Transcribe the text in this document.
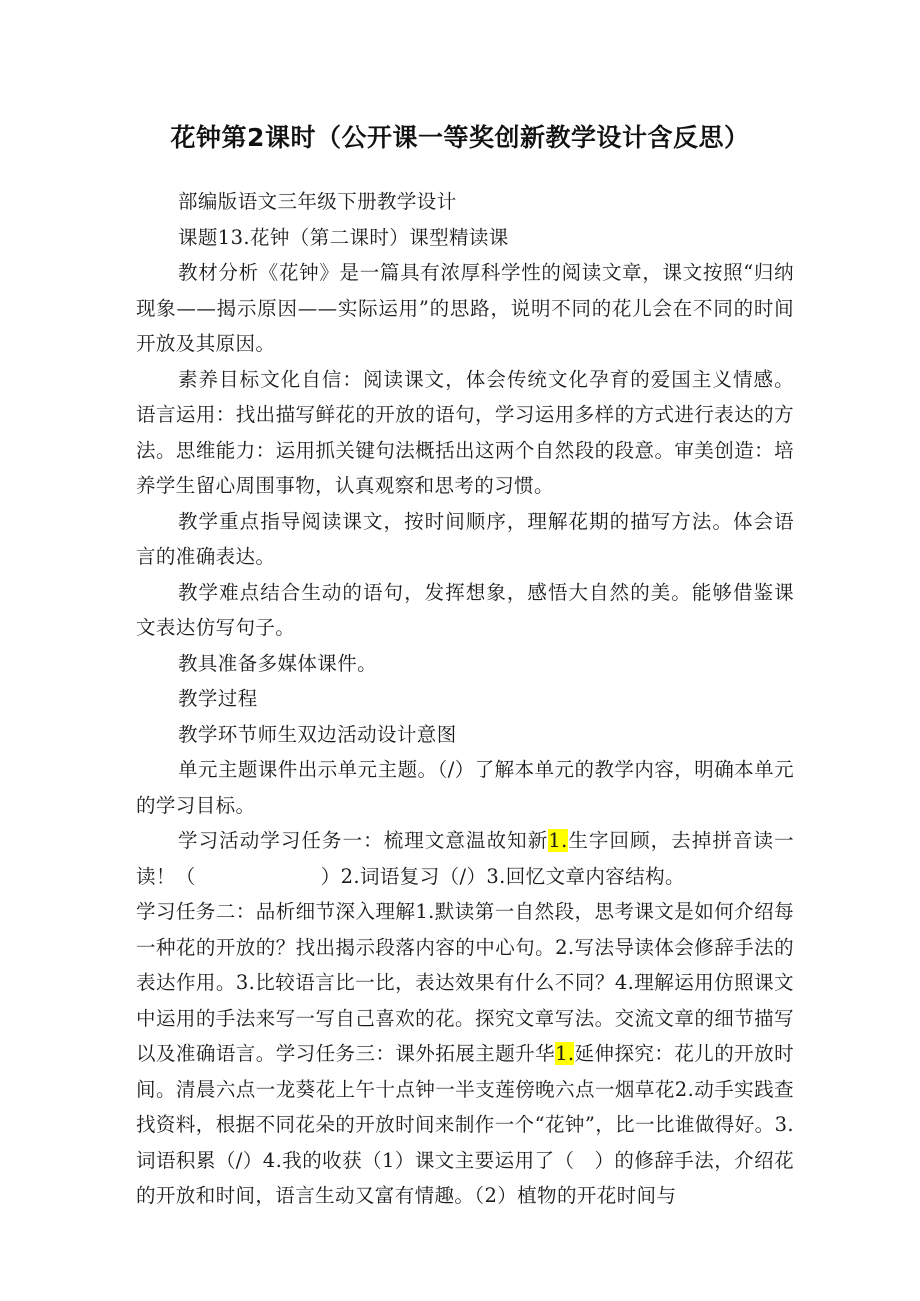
花钟第2课时（公开课一等奖创新教学设计含反思）

部编版语文三年级下册教学设计

课题13.花钟（第二课时）课型精读课

教材分析《花钟》是一篇具有浓厚科学性的阅读文章，课文按照“归纳现象——揭示原因——实际运用”的思路，说明不同的花儿会在不同的时间开放及其原因。

素养目标文化自信：阅读课文，体会传统文化孕育的爱国主义情感。语言运用：找出描写鲜花的开放的语句，学习运用多样的方式进行表达的方法。思维能力：运用抓关键句法概括出这两个自然段的段意。审美创造：培养学生留心周围事物，认真观察和思考的习惯。

教学重点指导阅读课文，按时间顺序，理解花期的描写方法。体会语言的准确表达。

教学难点结合生动的语句，发挥想象，感悟大自然的美。能够借鉴课文表达仿写句子。

教具准备多媒体课件。

教学过程

教学环节师生双边活动设计意图

单元主题课件出示单元主题。（/）了解本单元的教学内容，明确本单元的学习目标。

学习活动学习任务一：梳理文意温故知新1.生字回顾，去掉拼音读一读！（	）2.词语复习（/）3.回忆文章内容结构。

学习任务二：品析细节深入理解1.默读第一自然段，思考课文是如何介绍每一种花的开放的？找出揭示段落内容的中心句。2.写法导读体会修辞手法的表达作用。3.比较语言比一比，表达效果有什么不同？4.理解运用仿照课文中运用的手法来写一写自己喜欢的花。探究文章写法。交流文章的细节描写以及准确语言。学习任务三：课外拓展主题升华1.延伸探究：花儿的开放时间。清晨六点一龙葵花上午十点钟一半支莲傍晚六点一烟草花2.动手实践查找资料，根据不同花朵的开放时间来制作一个“花钟”，比一比谁做得好。3.词语积累（/）4.我的收获（1）课文主要运用了（　）的修辞手法，介绍花的开放和时间，语言生动又富有情趣。（2）植物的开花时间与
